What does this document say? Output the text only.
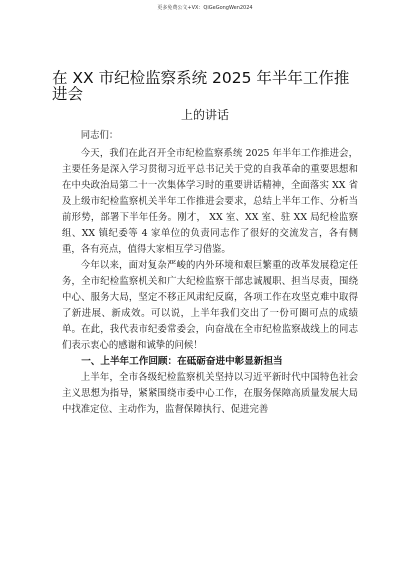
更多免费公文+VX：QiGeGongWen2024
在 XX 市纪检监察系统 2025 年半年工作推进会
上的讲话

同志们：

今天，我们在此召开全市纪检监察系统 2025 年半年工作推进会，主要任务是深入学习贯彻习近平总书记关于党的自我革命的重要思想和在中央政治局第二十一次集体学习时的重要讲话精神，全面落实 XX 省及上级市纪检监察机关半年工作推进会要求，总结上半年工作、分析当前形势，部署下半年任务。刚才， XX 室、XX 室、驻 XX 局纪检监察组、XX 镇纪委等 4 家单位的负责同志作了很好的交流发言，各有侧重，各有亮点，值得大家相互学习借鉴。

今年以来，面对复杂严峻的内外环境和艰巨繁重的改革发展稳定任务，全市纪检监察机关和广大纪检监察干部忠诚履职、担当尽责，围绕中心、服务大局，坚定不移正风肃纪反腐，各项工作在攻坚克难中取得了新进展、新成效。可以说，上半年我们交出了一份可圈可点的成绩单。在此，我代表市纪委常委会，向奋战在全市纪检监察战线上的同志们表示衷心的感谢和诚挚的问候！

一、上半年工作回顾：在砥砺奋进中彰显新担当

上半年，全市各级纪检监察机关坚持以习近平新时代中国特色社会主义思想为指导，紧紧围绕市委中心工作，在服务保障高质量发展大局中找准定位、主动作为，监督保障执行、促进完善
